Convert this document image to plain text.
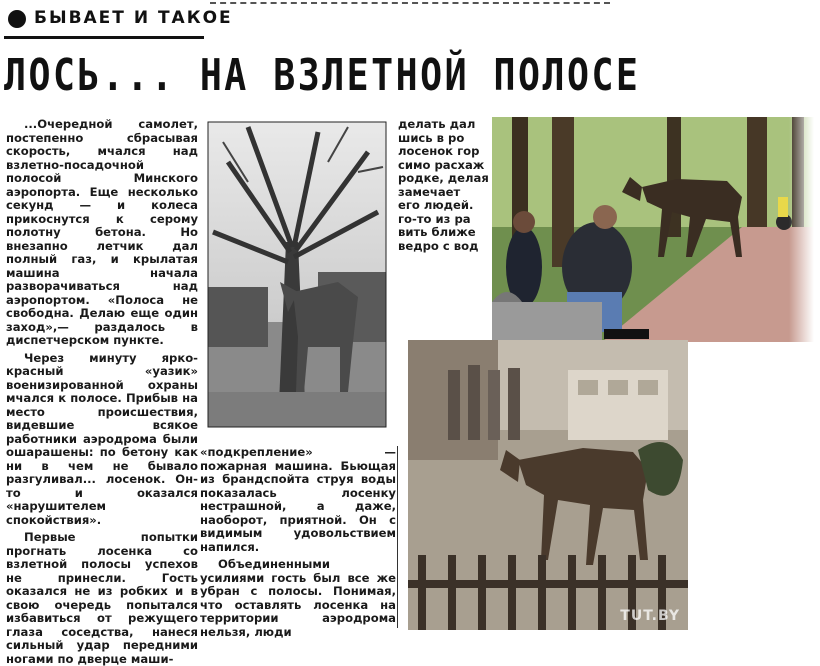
БЫВАЕТ И ТАКОЕ
ЛОСЬ... НА ВЗЛЕТНОЙ ПОЛОСЕ

...Очередной самолет, постепенно сбрасывая скорость, мчался над взлетно-посадочной полосой Минского аэропорта. Еще несколько секунд — и колеса прикоснутся к серому полотну бетона. Но внезапно летчик дал полный газ, и крылатая машина начала разворачиваться над аэропортом. «Полоса не свободна. Делаю еще один заход»,— раздалось в диспетчерском пункте.

Через минуту ярко-красный «уазик» военизированной охраны мчался к полосе. Прибыв на место происшествия, видевшие всякое работники аэродрома были ошарашены: по бетону как ни в чем не бывало разгуливал... лосенок. Он-то и оказался «нарушителем спокойствия».

Первые попытки прогнать лосенка со взлетной полосы успехов не принесли. Гость оказался не из робких и в свою очередь попытался избавиться от режущего глаза соседства, нанеся сильный удар передними ногами по дверце маши-

«подкрепление» — пожарная машина. Бьющая из брандспойта струя воды показалась лосенку нестрашной, а даже, наоборот, приятной. Он с видимым удовольствием напился.

Объединенными усилиями гость был все же убран с полосы. Понимая, что оставлять лосенка на территории аэродрома нельзя, люди

делать дал
шись в ро
лосенок гор
симо расхаж
родке, делая
замечает
его людей.
го-то из ра
вить ближе
ведро с вод
TUT.BY
